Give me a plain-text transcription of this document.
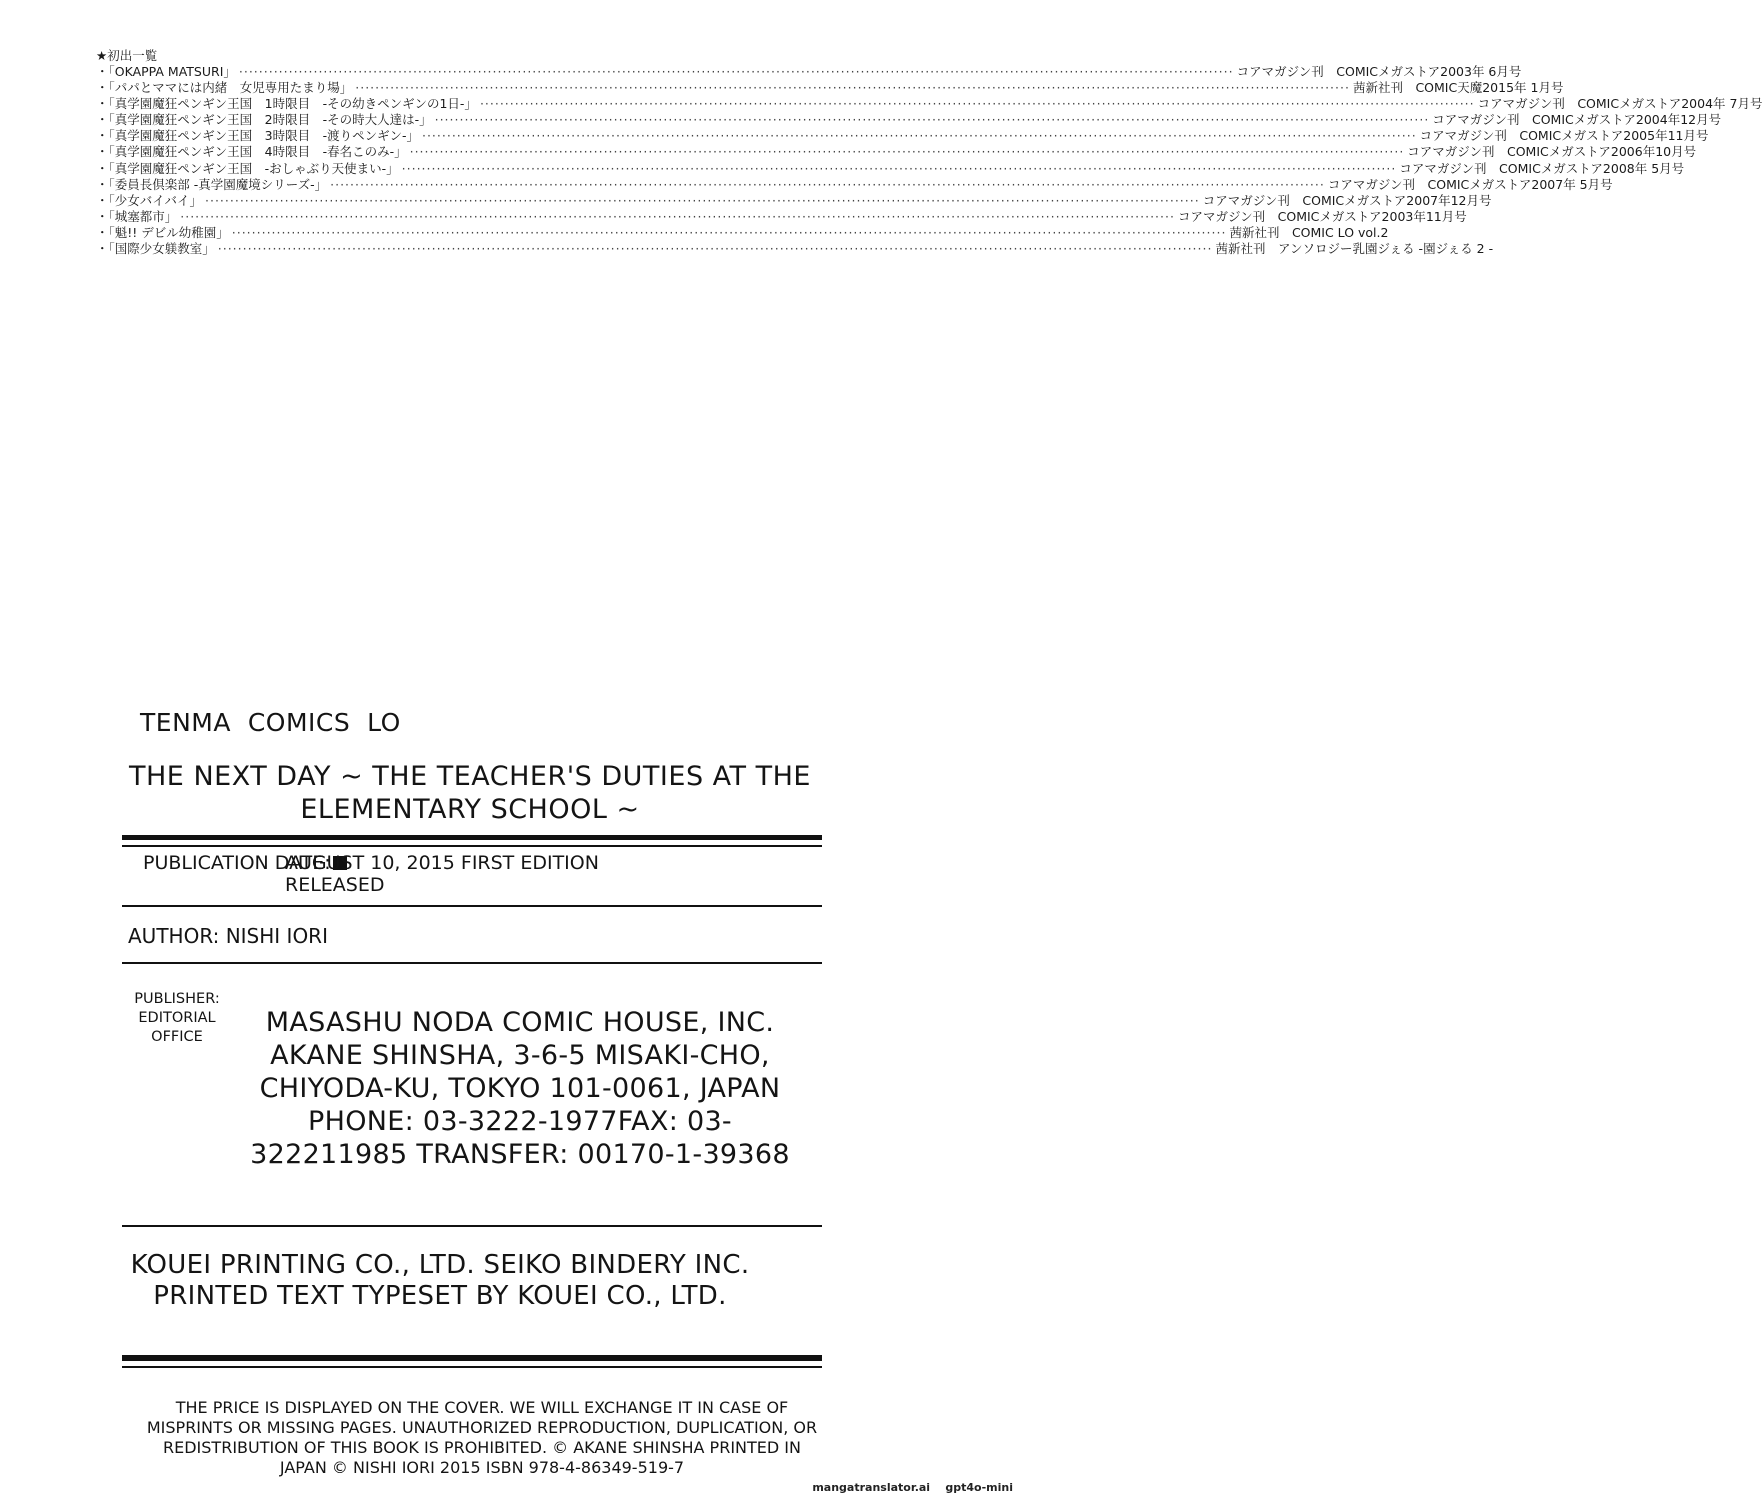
★初出一覧
・「OKAPPA MATSURI」 ········································································································································································································ コアマガジン刊　COMICメガストア2003年 6月号
・「パパとママには内緒　女児専用たまり場」 ········································································································································································································ 茜新社刊　COMIC天魔2015年 1月号
・「真学園魔狂ペンギン王国　1時限目　-その幼きペンギンの1日-」 ········································································································································································································ コアマガジン刊　COMICメガストア2004年 7月号
・「真学園魔狂ペンギン王国　2時限目　-その時大人達は-」 ········································································································································································································ コアマガジン刊　COMICメガストア2004年12月号
・「真学園魔狂ペンギン王国　3時限目　-渡りペンギン-」 ········································································································································································································ コアマガジン刊　COMICメガストア2005年11月号
・「真学園魔狂ペンギン王国　4時限目　-春名このみ-」 ········································································································································································································ コアマガジン刊　COMICメガストア2006年10月号
・「真学園魔狂ペンギン王国　-おしゃぶり天使まい-」 ········································································································································································································ コアマガジン刊　COMICメガストア2008年 5月号
・「委員長倶楽部 -真学園魔境シリーズ-」 ········································································································································································································ コアマガジン刊　COMICメガストア2007年 5月号
・「少女バイバイ」 ········································································································································································································ コアマガジン刊　COMICメガストア2007年12月号
・「城塞都市」 ········································································································································································································ コアマガジン刊　COMICメガストア2003年11月号
・「魁!! デビル幼稚園」 ········································································································································································································ 茜新社刊　COMIC LO vol.2
・「国際少女躾教室」 ········································································································································································································ 茜新社刊　アンソロジー乳園ジぇる -園ジぇる 2 -
TENMA  COMICS  LO
THE NEXT DAY ~ THE TEACHER'S DUTIES AT THE ELEMENTARY SCHOOL ~
PUBLICATION DATE:
AUGUST 10, 2015 FIRST EDITION RELEASED
AUTHOR: NISHI IORI
PUBLISHER: EDITORIAL OFFICE	MASASHU NODA COMIC HOUSE, INC. AKANE SHINSHA, 3-6-5 MISAKI-CHO, CHIYODA-KU, TOKYO 101-0061, JAPAN PHONE: 03-3222-1977FAX: 03-322211985 TRANSFER: 00170-1-39368
KOUEI PRINTING CO., LTD. SEIKO BINDERY INC. PRINTED TEXT TYPESET BY KOUEI CO., LTD.
THE PRICE IS DISPLAYED ON THE COVER. WE WILL EXCHANGE IT IN CASE OF MISPRINTS OR MISSING PAGES. UNAUTHORIZED REPRODUCTION, DUPLICATION, OR REDISTRIBUTION OF THIS BOOK IS PROHIBITED. © AKANE SHINSHA PRINTED IN JAPAN © NISHI IORI 2015 ISBN 978-4-86349-519-7
mangatranslator.ai    gpt4o-mini
